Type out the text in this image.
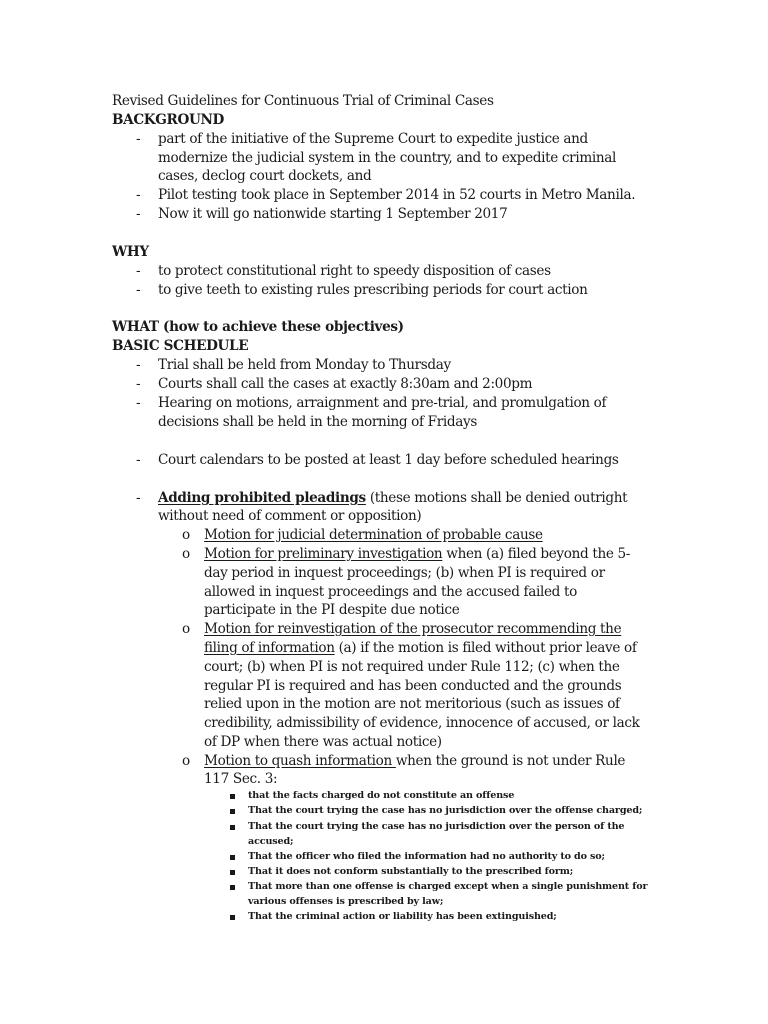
Revised Guidelines for Continuous Trial of Criminal Cases
BACKGROUND
- part of the initiative of the Supreme Court to expedite justice and
modernize the judicial system in the country, and to expedite criminal
cases, declog court dockets, and
- Pilot testing took place in September 2014 in 52 courts in Metro Manila.
- Now it will go nationwide starting 1 September 2017
WHY
- to protect constitutional right to speedy disposition of cases
- to give teeth to existing rules prescribing periods for court action
WHAT (how to achieve these objectives)
BASIC SCHEDULE
- Trial shall be held from Monday to Thursday
- Courts shall call the cases at exactly 8:30am and 2:00pm
- Hearing on motions, arraignment and pre-trial, and promulgation of
decisions shall be held in the morning of Fridays
- Court calendars to be posted at least 1 day before scheduled hearings
- Adding prohibited pleadings (these motions shall be denied outright
without need of comment or opposition)
o Motion for judicial determination of probable cause
o Motion for preliminary investigation when (a) filed beyond the 5-
day period in inquest proceedings; (b) when PI is required or
allowed in inquest proceedings and the accused failed to
participate in the PI despite due notice
o Motion for reinvestigation of the prosecutor recommending the
filing of information (a) if the motion is filed without prior leave of
court; (b) when PI is not required under Rule 112; (c) when the
regular PI is required and has been conducted and the grounds
relied upon in the motion are not meritorious (such as issues of
credibility, admissibility of evidence, innocence of accused, or lack
of DP when there was actual notice)
o Motion to quash information when the ground is not under Rule
117 Sec. 3:
that the facts charged do not constitute an offense
That the court trying the case has no jurisdiction over the offense charged;
That the court trying the case has no jurisdiction over the person of the
accused;
That the officer who filed the information had no authority to do so;
That it does not conform substantially to the prescribed form;
That more than one offense is charged except when a single punishment for
various offenses is prescribed by law;
That the criminal action or liability has been extinguished;
